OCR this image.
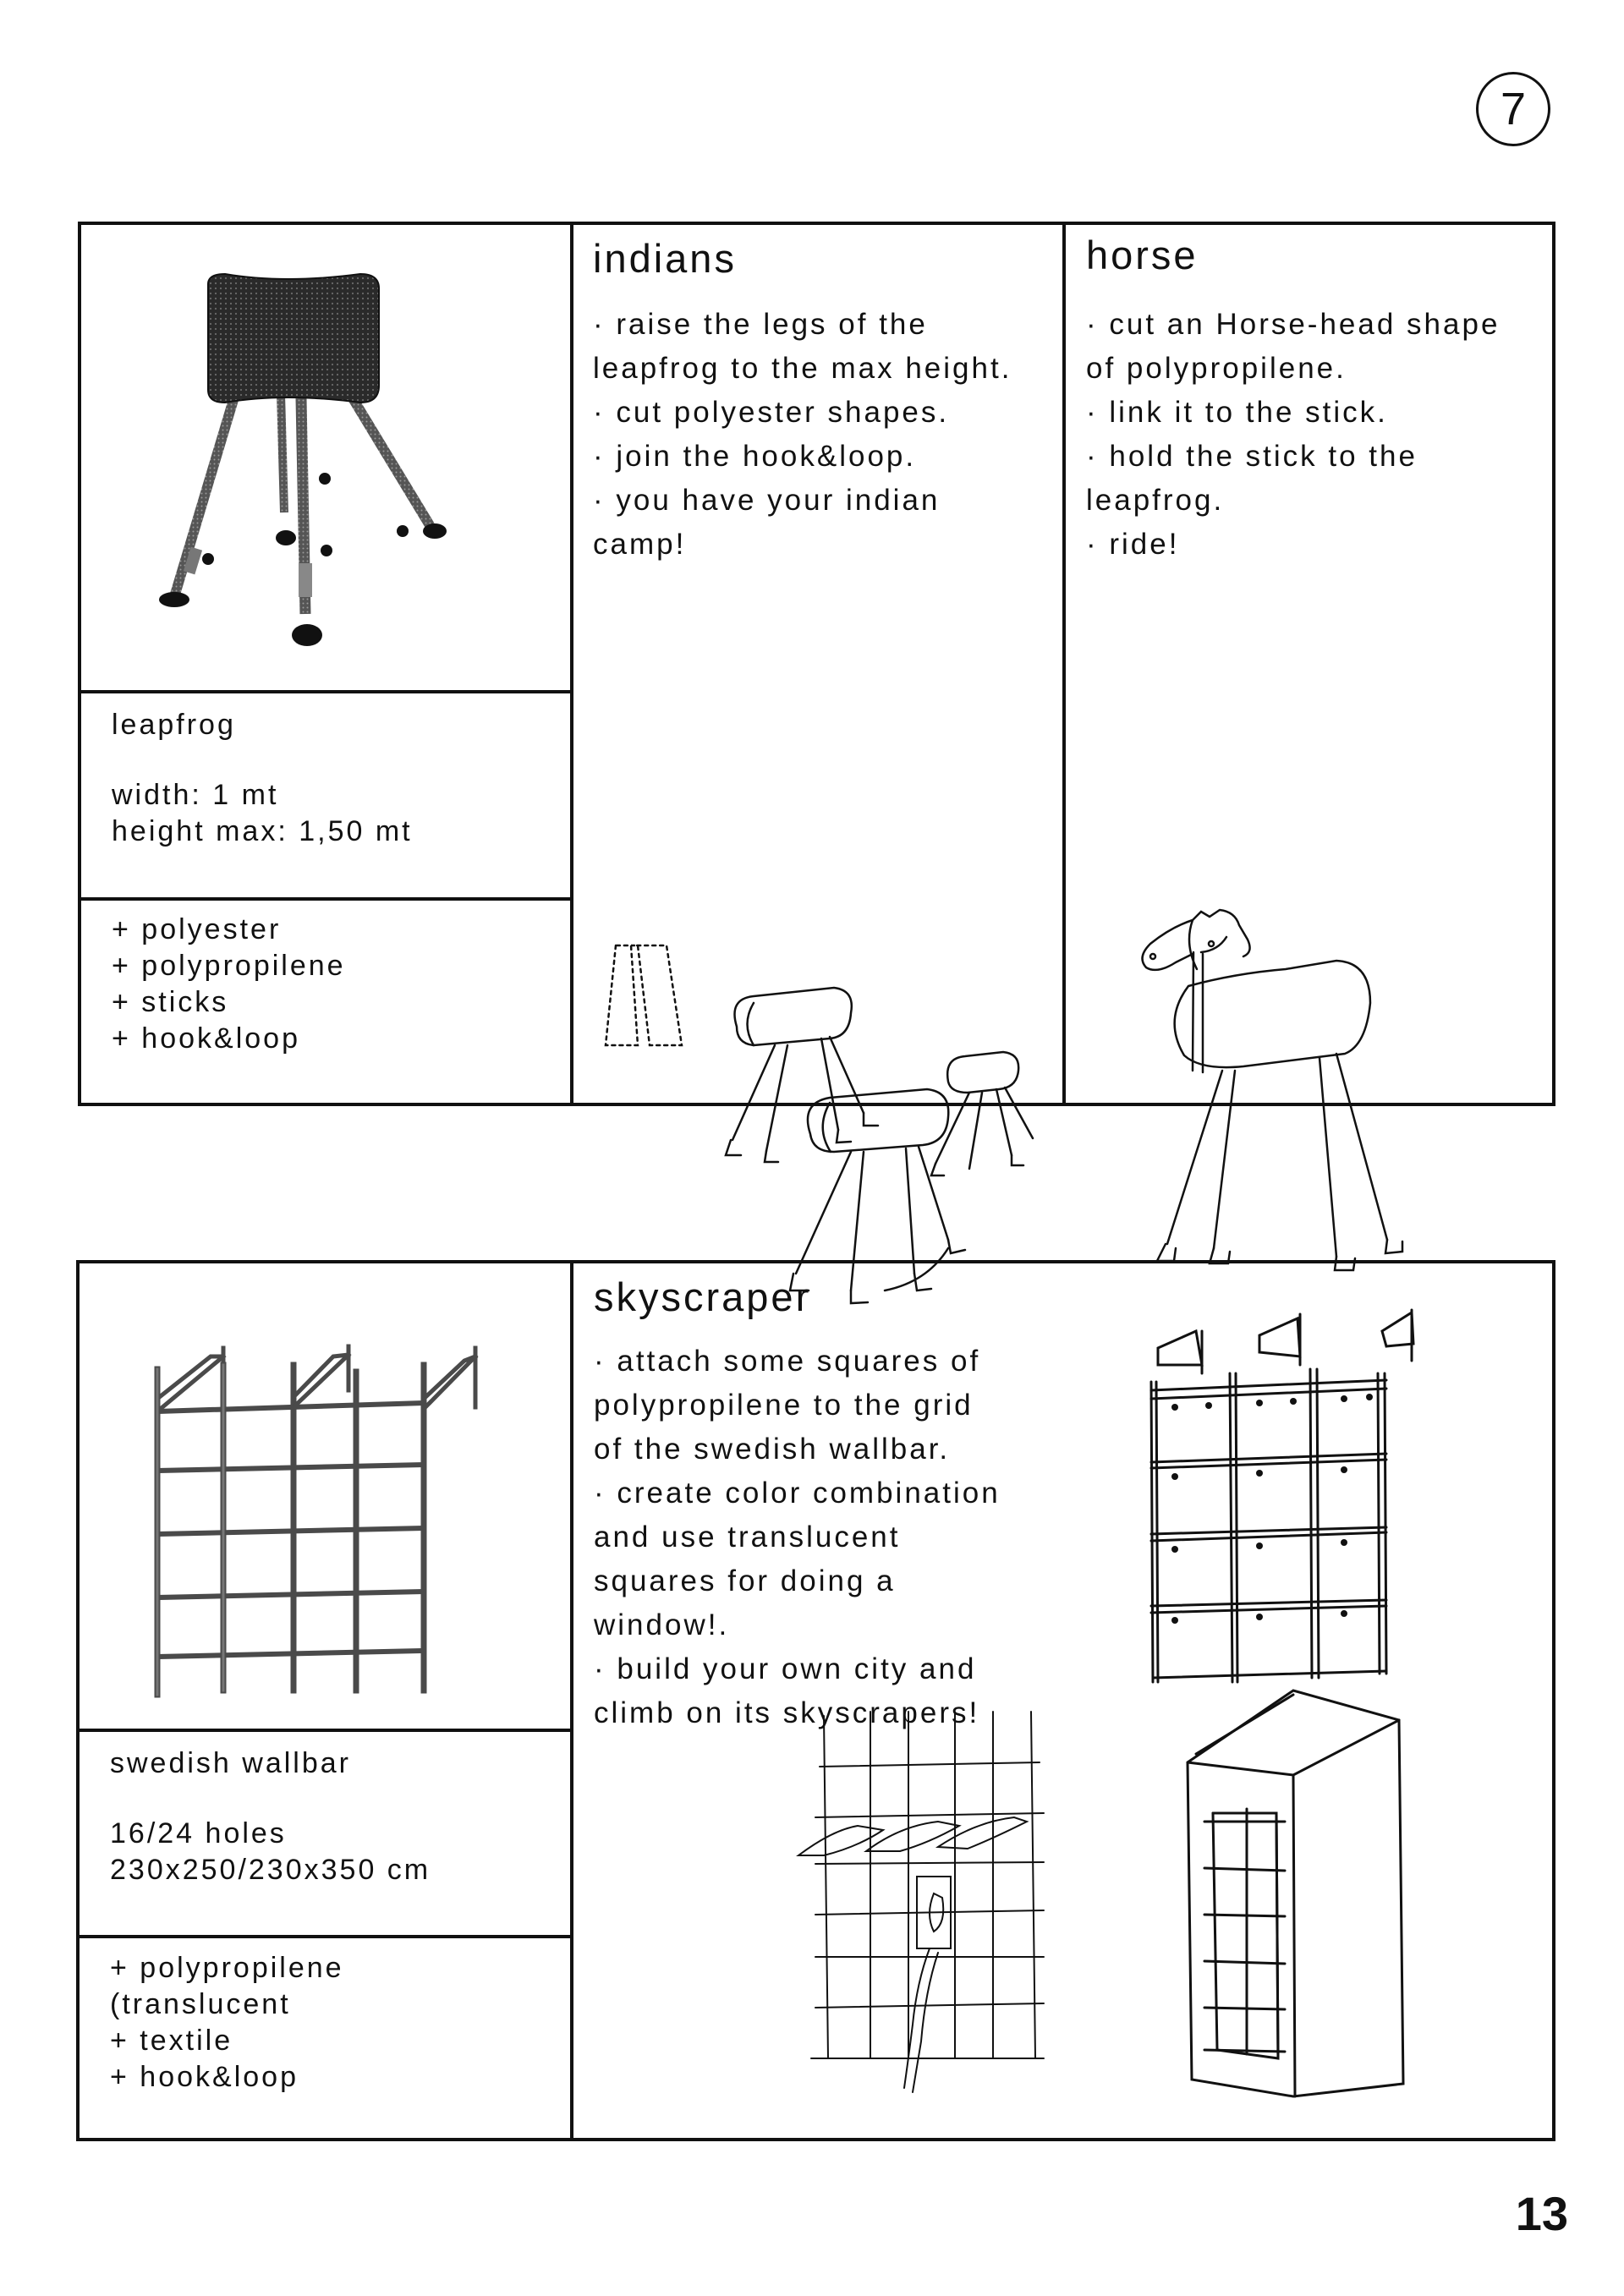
7
leapfrog
width: 1 mt
height max: 1,50 mt
+ polyester
+ polypropilene
+ sticks
+ hook&loop
indians
· raise the legs of the
leapfrog to the max height.
· cut polyester shapes.
· join the hook&loop.
· you have your indian
camp!
horse
· cut an Horse-head shape
of polypropilene.
· link it to the stick.
· hold the stick to the
leapfrog.
· ride!
swedish wallbar
16/24 holes
230x250/230x350 cm
+ polypropilene
(translucent
+ textile
+ hook&loop
skyscraper
· attach some squares of
polypropilene to the grid
of the swedish wallbar.
· create color combination
and use translucent
squares for doing a
window!.
· build your own city and
climb on its skyscrapers!
13
